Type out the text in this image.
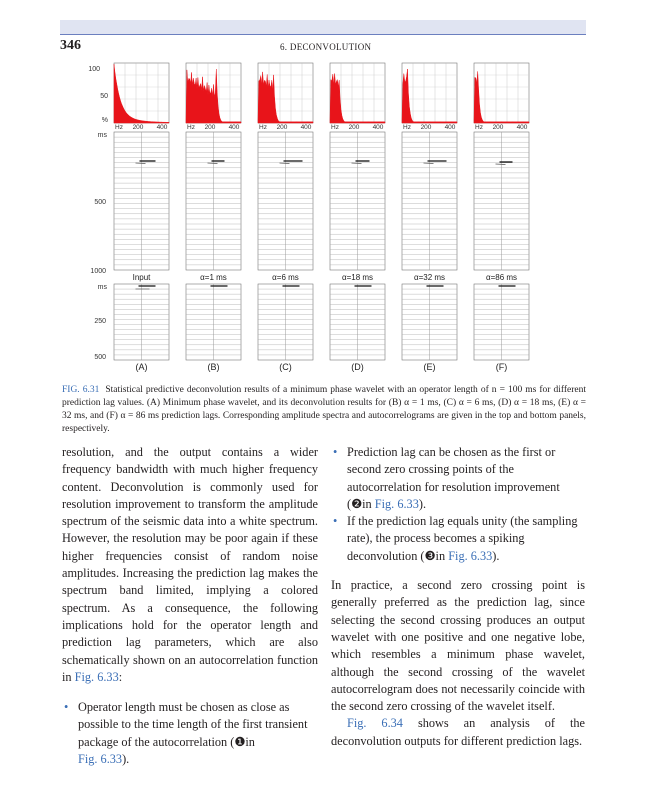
346	6. DECONVOLUTION
Hz 200 400	Hz 200 400	Hz 200 400	Hz 200 400	Hz 200 400	Hz 200 400
Input	α=1 ms	α=6 ms	α=18 ms	α=32 ms	α=86 ms
(A)	(B)	(C)	(D)	(E)	(F)
100
50
%
ms
500
1000
ms
250
500
FIG. 6.31 Statistical predictive deconvolution results of a minimum phase wavelet with an operator length of n = 100 ms for different prediction lag values. (A) Minimum phase wavelet, and its deconvolution results for (B) α = 1 ms, (C) α = 6 ms, (D) α = 18 ms, (E) α = 32 ms, and (F) α = 86 ms prediction lags. Corresponding amplitude spectra and autocorrelograms are given in the top and bottom panels, respectively.

resolution, and the output contains a wider frequency bandwidth with much higher frequency content. Deconvolution is commonly used for resolution improvement to transform the amplitude spectrum of the seismic data into a white spectrum. However, the resolution may be poor again if these higher frequencies consist of random noise amplitudes. Increasing the prediction lag makes the spectrum band limited, implying a colored spectrum. As a consequence, the following implications hold for the operator length and prediction lag parameters, which are also schematically shown on an autocorrelation function in Fig. 6.33:

• Operator length must be chosen as close as possible to the time length of the first transient package of the autocorrelation (❶in
Fig. 6.33).
• Prediction lag can be chosen as the first or second zero crossing points of the autocorrelation for resolution improvement (❷in Fig. 6.33).
• If the prediction lag equals unity (the sampling rate), the process becomes a spiking deconvolution (❸in Fig. 6.33).

In practice, a second zero crossing point is generally preferred as the prediction lag, since selecting the second crossing produces an output wavelet with one positive and one negative lobe, which resembles a minimum phase wavelet, although the second crossing of the wavelet autocorrelogram does not necessarily coincide with the second zero crossing of the wavelet itself.

Fig. 6.34 shows an analysis of the deconvolution outputs for different prediction lags.
